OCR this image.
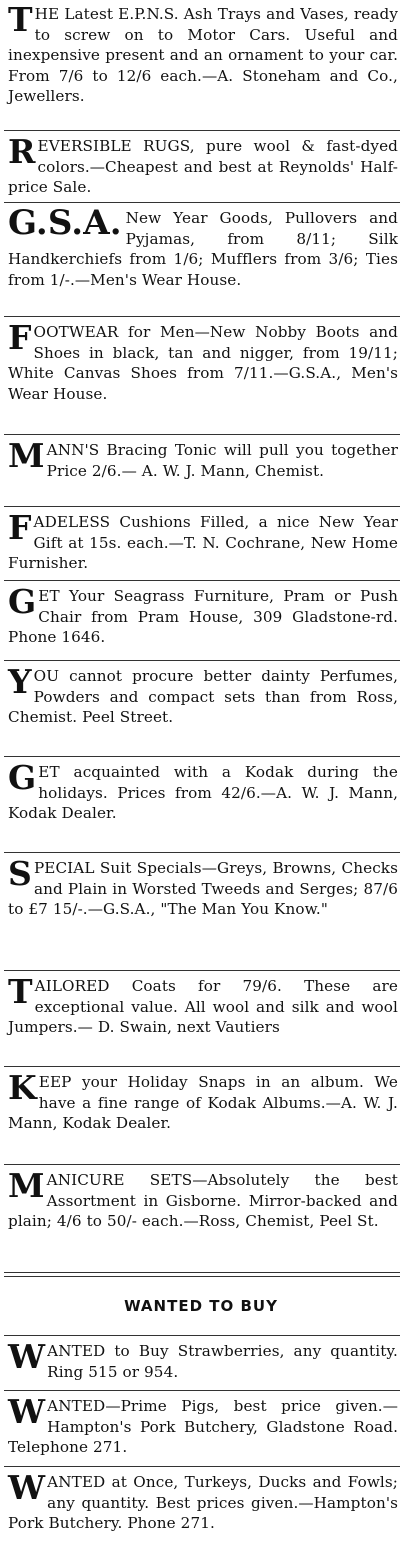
THE Latest E.P.N.S. Ash Trays and Vases, ready to screw on to Motor Cars. Useful and inexpensive present and an ornament to your car. From 7/6 to 12/6 each.—A. Stoneham and Co., Jewellers.

REVERSIBLE RUGS, pure wool & fast-dyed colors.—Cheapest and best at Reynolds' Half-price Sale.

G.S.A. New Year Goods, Pullovers and Pyjamas, from 8/11; Silk Handkerchiefs from 1/6; Mufflers from 3/6; Ties from 1/-.—Men's Wear House.

FOOTWEAR for Men—New Nobby Boots and Shoes in black, tan and nigger, from 19/11; White Canvas Shoes from 7/11.—G.S.A., Men's Wear House.

MANN'S Bracing Tonic will pull you together Price 2/6.— A. W. J. Mann, Chemist.

FADELESS Cushions Filled, a nice New Year Gift at 15s. each.—T. N. Cochrane, New Home Furnisher.

GET Your Seagrass Furniture, Pram or Push Chair from Pram House, 309 Gladstone-rd. Phone 1646.

YOU cannot procure better dainty Perfumes, Powders and compact sets than from Ross, Chemist. Peel Street.

GET acquainted with a Kodak during the holidays. Prices from 42/6.—A. W. J. Mann, Kodak Dealer.

SPECIAL Suit Specials—Greys, Browns, Checks and Plain in Worsted Tweeds and Serges; 87/6 to £7 15/-.—G.S.A., "The Man You Know."

TAILORED Coats for 79/6. These are exceptional value. All wool and silk and wool Jumpers.— D. Swain, next Vautiers

KEEP your Holiday Snaps in an album. We have a fine range of Kodak Albums.—A. W. J. Mann, Kodak Dealer.

MANICURE SETS—Absolutely the best Assortment in Gisborne. Mirror-backed and plain; 4/6 to 50/- each.—Ross, Chemist, Peel St.

WANTED TO BUY

WANTED to Buy Strawberries, any quantity. Ring 515 or 954.

WANTED—Prime Pigs, best price given.—Hampton's Pork Butchery, Gladstone Road. Telephone 271.

WANTED at Once, Turkeys, Ducks and Fowls; any quantity. Best prices given.—Hampton's Pork Butchery. Phone 271.
